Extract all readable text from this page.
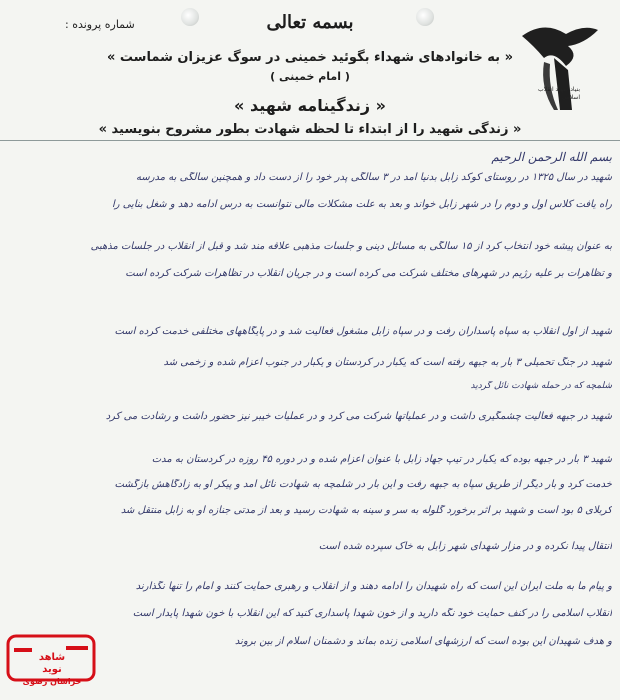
بسمه تعالی
شماره پرونده :
« به خانوادهای شهداء بگوئید خمینی در سوگ عزیزان شماست »
( امام خمینی )
« زندگینامه شهید »
« زندگی شهید را از ابتداء تا لحظه شهادت بطور مشروح بنویسید »
بنیاد شهید انقلاب اسلامی
بسم الله الرحمن الرحیم
شهید در سال ۱۳۲۵ در روستای کوکد زابل بدنیا آمد در ۳ سالگی پدر خود را از دست داد و همچنین سالگی به مدرسه
راه یافت کلاس اول و دوم را در شهر زابل خواند و بعد به علت مشکلات مالی نتوانست به درس ادامه دهد و شغل بنایی را
به عنوان پیشه خود انتخاب کرد از ۱۵ سالگی به مسائل دینی و جلسات مذهبی علاقه مند شد و قبل از انقلاب در جلسات مذهبی
و تظاهرات بر علیه رژیم در شهرهای مختلف شرکت می کرده است و در جریان انقلاب در تظاهرات شرکت کرده است
شهید از اول انقلاب به سپاه پاسداران رفت و در سپاه زابل مشغول فعالیت شد و در پایگاههای مختلفی خدمت کرده است
شهید در جنگ تحمیلی ۳ بار به جبهه رفته است که یکبار در کردستان و یکبار در جنوب اعزام شده و زخمی شد
شلمچه که در حمله شهادت نائل گردید
شهید در جبهه فعالیت چشمگیری داشت و در عملیاتها شرکت می کرد و در عملیات خیبر نیز حضور داشت و رشادت می کرد
شهید ۳ بار در جبهه بوده که یکبار در تیپ جهاد زابل با عنوان اعزام شده و در دوره ۴۵ روزه در کردستان به مدت
خدمت کرد و بار دیگر از طریق سپاه به جبهه رفت و این بار در شلمچه به شهادت نائل آمد و پیکر او به زادگاهش بازگشت
کربلای ۵ بود است و شهید بر اثر برخورد گلوله به سر و سینه به شهادت رسید و بعد از مدتی جنازه او به زابل منتقل شد
انتقال پیدا نکرده و در مزار شهدای شهر زابل به خاک سپرده شده است
و پیام ما به ملت ایران این است که راه شهیدان را ادامه دهند و از انقلاب و رهبری حمایت کنند و امام را تنها نگذارند
انقلاب اسلامی را در کنف حمایت خود نگه دارید و از خون شهدا پاسداری کنید که این انقلاب با خون شهدا پایدار است
و هدف شهیدان این بوده است که ارزشهای اسلامی زنده بماند و دشمنان اسلام از بین بروند
شاهد
نوید
خراسان رضوی
